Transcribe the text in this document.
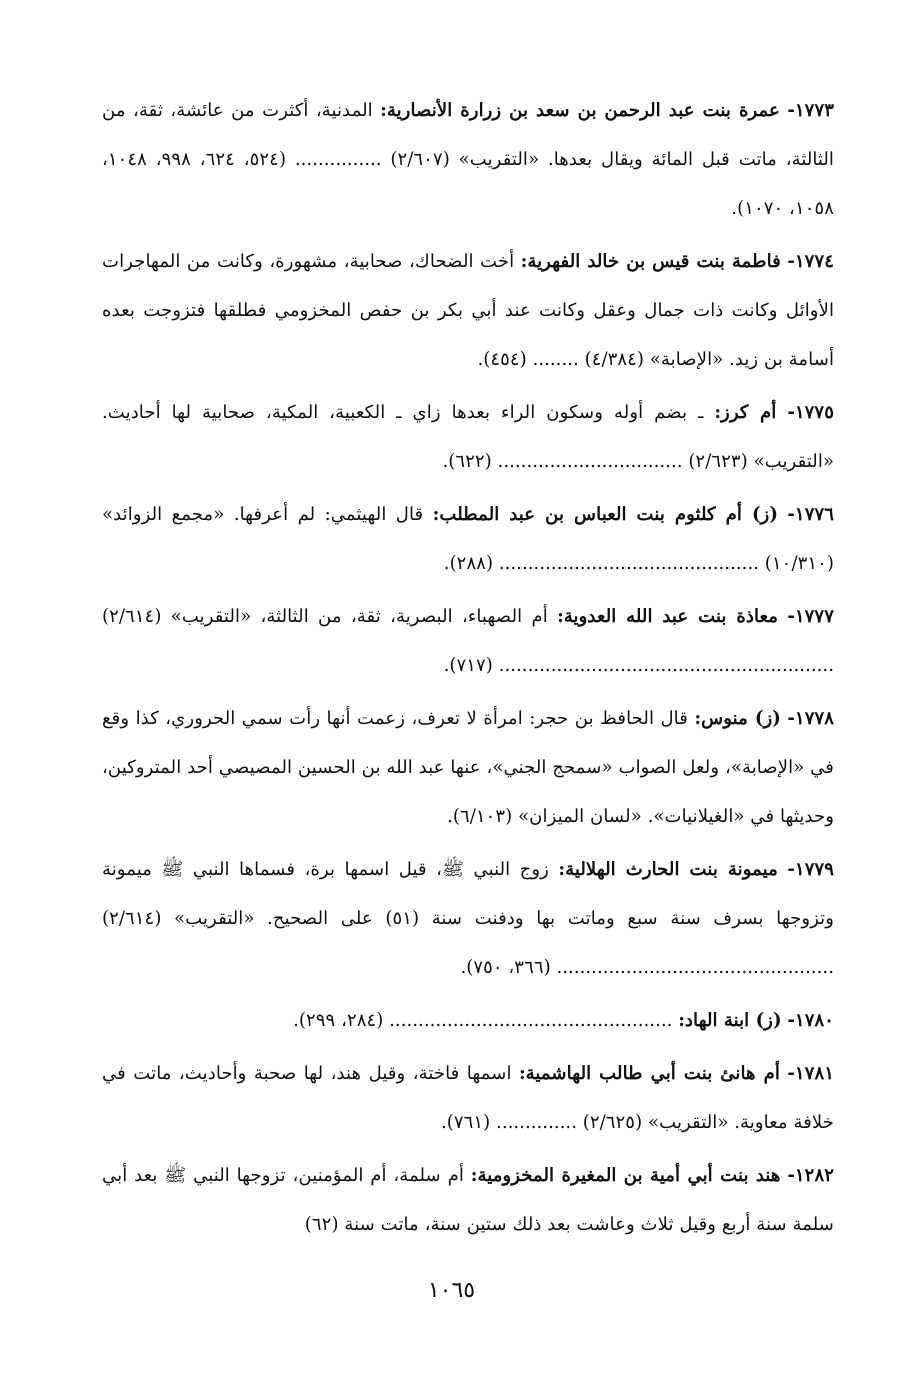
١٧٧٣- عمرة بنت عبد الرحمن بن سعد بن زرارة الأنصارية: المدنية، أكثرت من عائشة، ثقة، من الثالثة، ماتت قبل المائة ويقال بعدها. «التقريب» (٢/٦٠٧) ............... (٥٢٤، ٦٢٤، ٩٩٨، ١٠٤٨، ١٠٥٨، ١٠٧٠).

١٧٧٤- فاطمة بنت قيس بن خالد الفهرية: أخت الضحاك، صحابية، مشهورة، وكانت من المهاجرات الأوائل وكانت ذات جمال وعقل وكانت عند أبي بكر بن حفص المخزومي فطلقها فتزوجت بعده أسامة بن زيد. «الإصابة» (٤/٣٨٤) ........ (٤٥٤).

١٧٧٥- أم كرز: ـ بضم أوله وسكون الراء بعدها زاي ـ الكعبية، المكية، صحابية لها أحاديث. «التقريب» (٢/٦٢٣) ................................ (٦٢٢).

١٧٧٦- (ز) أم كلثوم بنت العباس بن عبد المطلب: قال الهيثمي: لم أعرفها. «مجمع الزوائد» (١٠/٣١٠) ............................................. (٢٨٨).

١٧٧٧- معاذة بنت عبد الله العدوية: أم الصهباء، البصرية، ثقة، من الثالثة، «التقريب» (٢/٦١٤) .......................................................... (٧١٧).

١٧٧٨- (ز) منوس: قال الحافظ بن حجر: امرأة لا تعرف، زعمت أنها رأت سمي الحروري، كذا وقع في «الإصابة»، ولعل الصواب «سمحج الجني»، عنها عبد الله بن الحسين المصيصي أحد المتروكين، وحديثها في «الغيلانيات». «لسان الميزان» (٦/١٠٣).

١٧٧٩- ميمونة بنت الحارث الهلالية: زوج النبي ﷺ، قيل اسمها برة، فسماها النبي ﷺ ميمونة وتزوجها بسرف سنة سبع وماتت بها ودفنت سنة (٥١) على الصحيح. «التقريب» (٢/٦١٤) ................................................ (٣٦٦، ٧٥٠).

١٧٨٠- (ز) ابنة الهاد: ................................................. (٢٨٤، ٢٩٩).

١٧٨١- أم هانئ بنت أبي طالب الهاشمية: اسمها فاختة، وقيل هند، لها صحبة وأحاديث، ماتت في خلافة معاوية. «التقريب» (٢/٦٢٥) .............. (٧٦١).

١٢٨٢- هند بنت أبي أمية بن المغيرة المخزومية: أم سلمة، أم المؤمنين، تزوجها النبي ﷺ بعد أبي سلمة سنة أربع وقيل ثلاث وعاشت بعد ذلك ستين سنة، ماتت سنة (٦٢)

١٠٦٥
